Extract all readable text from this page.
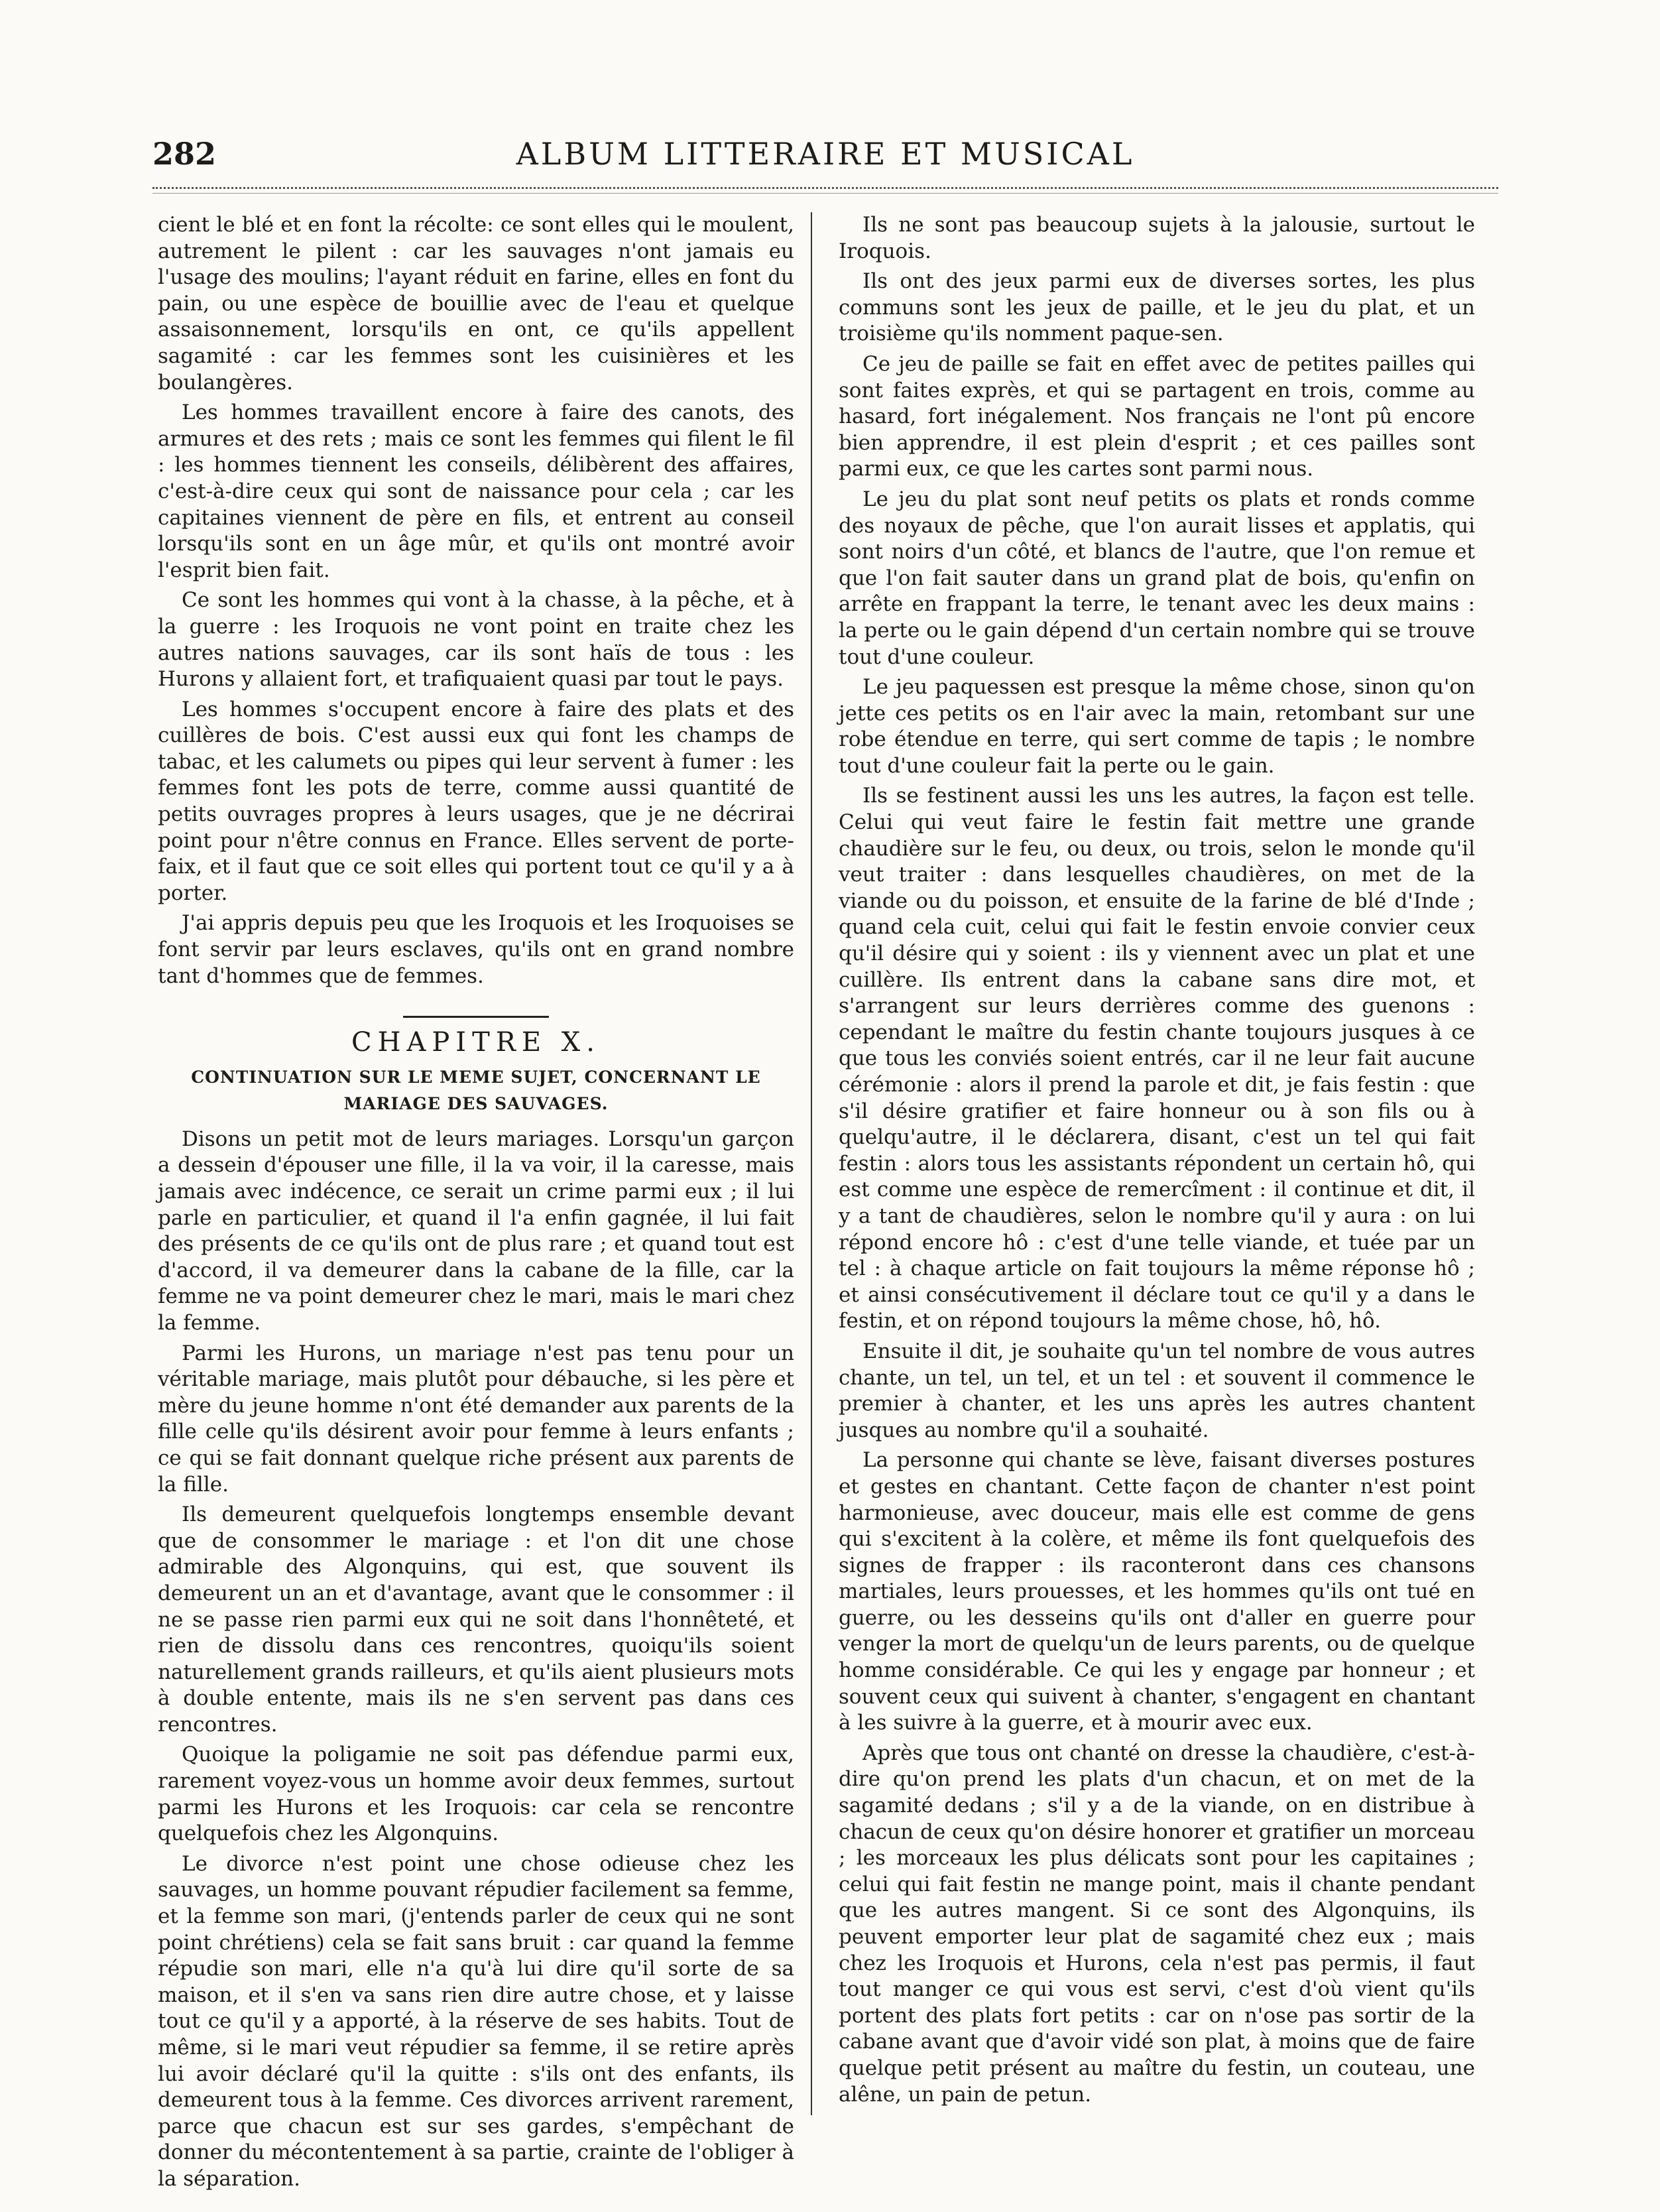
282	ALBUM LITTERAIRE ET MUSICAL

cient le blé et en font la récolte: ce sont elles qui le moulent, autrement le pilent : car les sauvages n'ont jamais eu l'usage des moulins; l'ayant réduit en farine, elles en font du pain, ou une espèce de bouillie avec de l'eau et quelque assaisonnement, lorsqu'ils en ont, ce qu'ils appellent sagamité : car les femmes sont les cuisinières et les boulangères.

Les hommes travaillent encore à faire des canots, des armures et des rets ; mais ce sont les femmes qui filent le fil : les hommes tiennent les conseils, délibèrent des affaires, c'est-à-dire ceux qui sont de naissance pour cela ; car les capitaines viennent de père en fils, et entrent au conseil lorsqu'ils sont en un âge mûr, et qu'ils ont montré avoir l'esprit bien fait.

Ce sont les hommes qui vont à la chasse, à la pêche, et à la guerre : les Iroquois ne vont point en traite chez les autres nations sauvages, car ils sont haïs de tous : les Hurons y allaient fort, et trafiquaient quasi par tout le pays.

Les hommes s'occupent encore à faire des plats et des cuillères de bois. C'est aussi eux qui font les champs de tabac, et les calumets ou pipes qui leur servent à fumer : les femmes font les pots de terre, comme aussi quantité de petits ouvrages propres à leurs usages, que je ne décrirai point pour n'être connus en France. Elles servent de porte-faix, et il faut que ce soit elles qui portent tout ce qu'il y a à porter.

J'ai appris depuis peu que les Iroquois et les Iroquoises se font servir par leurs esclaves, qu'ils ont en grand nombre tant d'hommes que de femmes.

CHAPITRE X.
CONTINUATION SUR LE MEME SUJET, CONCERNANT LE MARIAGE DES SAUVAGES.

Disons un petit mot de leurs mariages. Lorsqu'un garçon a dessein d'épouser une fille, il la va voir, il la caresse, mais jamais avec indécence, ce serait un crime parmi eux ; il lui parle en particulier, et quand il l'a enfin gagnée, il lui fait des présents de ce qu'ils ont de plus rare ; et quand tout est d'accord, il va demeurer dans la cabane de la fille, car la femme ne va point demeurer chez le mari, mais le mari chez la femme.

Parmi les Hurons, un mariage n'est pas tenu pour un véritable mariage, mais plutôt pour débauche, si les père et mère du jeune homme n'ont été demander aux parents de la fille celle qu'ils désirent avoir pour femme à leurs enfants ; ce qui se fait donnant quelque riche présent aux parents de la fille.

Ils demeurent quelquefois longtemps ensemble devant que de consommer le mariage : et l'on dit une chose admirable des Algonquins, qui est, que souvent ils demeurent un an et d'avantage, avant que le consommer : il ne se passe rien parmi eux qui ne soit dans l'honnêteté, et rien de dissolu dans ces rencontres, quoiqu'ils soient naturellement grands railleurs, et qu'ils aient plusieurs mots à double entente, mais ils ne s'en servent pas dans ces rencontres.

Quoique la poligamie ne soit pas défendue parmi eux, rarement voyez-vous un homme avoir deux femmes, surtout parmi les Hurons et les Iroquois: car cela se rencontre quelquefois chez les Algonquins.

Le divorce n'est point une chose odieuse chez les sauvages, un homme pouvant répudier facilement sa femme, et la femme son mari, (j'entends parler de ceux qui ne sont point chrétiens) cela se fait sans bruit : car quand la femme répudie son mari, elle n'a qu'à lui dire qu'il sorte de sa maison, et il s'en va sans rien dire autre chose, et y laisse tout ce qu'il y a apporté, à la réserve de ses habits. Tout de même, si le mari veut répudier sa femme, il se retire après lui avoir déclaré qu'il la quitte : s'ils ont des enfants, ils demeurent tous à la femme. Ces divorces arrivent rarement, parce que chacun est sur ses gardes, s'empêchant de donner du mécontentement à sa partie, crainte de l'obliger à la séparation.

Ils ne sont pas beaucoup sujets à la jalousie, surtout le Iroquois.

Ils ont des jeux parmi eux de diverses sortes, les plus communs sont les jeux de paille, et le jeu du plat, et un troisième qu'ils nomment paque-sen.

Ce jeu de paille se fait en effet avec de petites pailles qui sont faites exprès, et qui se partagent en trois, comme au hasard, fort inégalement. Nos français ne l'ont pû encore bien apprendre, il est plein d'esprit ; et ces pailles sont parmi eux, ce que les cartes sont parmi nous.

Le jeu du plat sont neuf petits os plats et ronds comme des noyaux de pêche, que l'on aurait lisses et applatis, qui sont noirs d'un côté, et blancs de l'autre, que l'on remue et que l'on fait sauter dans un grand plat de bois, qu'enfin on arrête en frappant la terre, le tenant avec les deux mains : la perte ou le gain dépend d'un certain nombre qui se trouve tout d'une couleur.

Le jeu paquessen est presque la même chose, sinon qu'on jette ces petits os en l'air avec la main, retombant sur une robe étendue en terre, qui sert comme de tapis ; le nombre tout d'une couleur fait la perte ou le gain.

Ils se festinent aussi les uns les autres, la façon est telle. Celui qui veut faire le festin fait mettre une grande chaudière sur le feu, ou deux, ou trois, selon le monde qu'il veut traiter : dans lesquelles chaudières, on met de la viande ou du poisson, et ensuite de la farine de blé d'Inde ; quand cela cuit, celui qui fait le festin envoie convier ceux qu'il désire qui y soient : ils y viennent avec un plat et une cuillère. Ils entrent dans la cabane sans dire mot, et s'arrangent sur leurs derrières comme des guenons : cependant le maître du festin chante toujours jusques à ce que tous les conviés soient entrés, car il ne leur fait aucune cérémonie : alors il prend la parole et dit, je fais festin : que s'il désire gratifier et faire honneur ou à son fils ou à quelqu'autre, il le déclarera, disant, c'est un tel qui fait festin : alors tous les assistants répondent un certain hô, qui est comme une espèce de remercîment : il continue et dit, il y a tant de chaudières, selon le nombre qu'il y aura : on lui répond encore hô : c'est d'une telle viande, et tuée par un tel : à chaque article on fait toujours la même réponse hô ; et ainsi consécutivement il déclare tout ce qu'il y a dans le festin, et on répond toujours la même chose, hô, hô.

Ensuite il dit, je souhaite qu'un tel nombre de vous autres chante, un tel, un tel, et un tel : et souvent il commence le premier à chanter, et les uns après les autres chantent jusques au nombre qu'il a souhaité.

La personne qui chante se lève, faisant diverses postures et gestes en chantant. Cette façon de chanter n'est point harmonieuse, avec douceur, mais elle est comme de gens qui s'excitent à la colère, et même ils font quelquefois des signes de frapper : ils raconteront dans ces chansons martiales, leurs prouesses, et les hommes qu'ils ont tué en guerre, ou les desseins qu'ils ont d'aller en guerre pour venger la mort de quelqu'un de leurs parents, ou de quelque homme considérable. Ce qui les y engage par honneur ; et souvent ceux qui suivent à chanter, s'engagent en chantant à les suivre à la guerre, et à mourir avec eux.

Après que tous ont chanté on dresse la chaudière, c'est-à-dire qu'on prend les plats d'un chacun, et on met de la sagamité dedans ; s'il y a de la viande, on en distribue à chacun de ceux qu'on désire honorer et gratifier un morceau ; les morceaux les plus délicats sont pour les capitaines ; celui qui fait festin ne mange point, mais il chante pendant que les autres mangent. Si ce sont des Algonquins, ils peuvent emporter leur plat de sagamité chez eux ; mais chez les Iroquois et Hurons, cela n'est pas permis, il faut tout manger ce qui vous est servi, c'est d'où vient qu'ils portent des plats fort petits : car on n'ose pas sortir de la cabane avant que d'avoir vidé son plat, à moins que de faire quelque petit présent au maître du festin, un couteau, une alêne, un pain de petun.
